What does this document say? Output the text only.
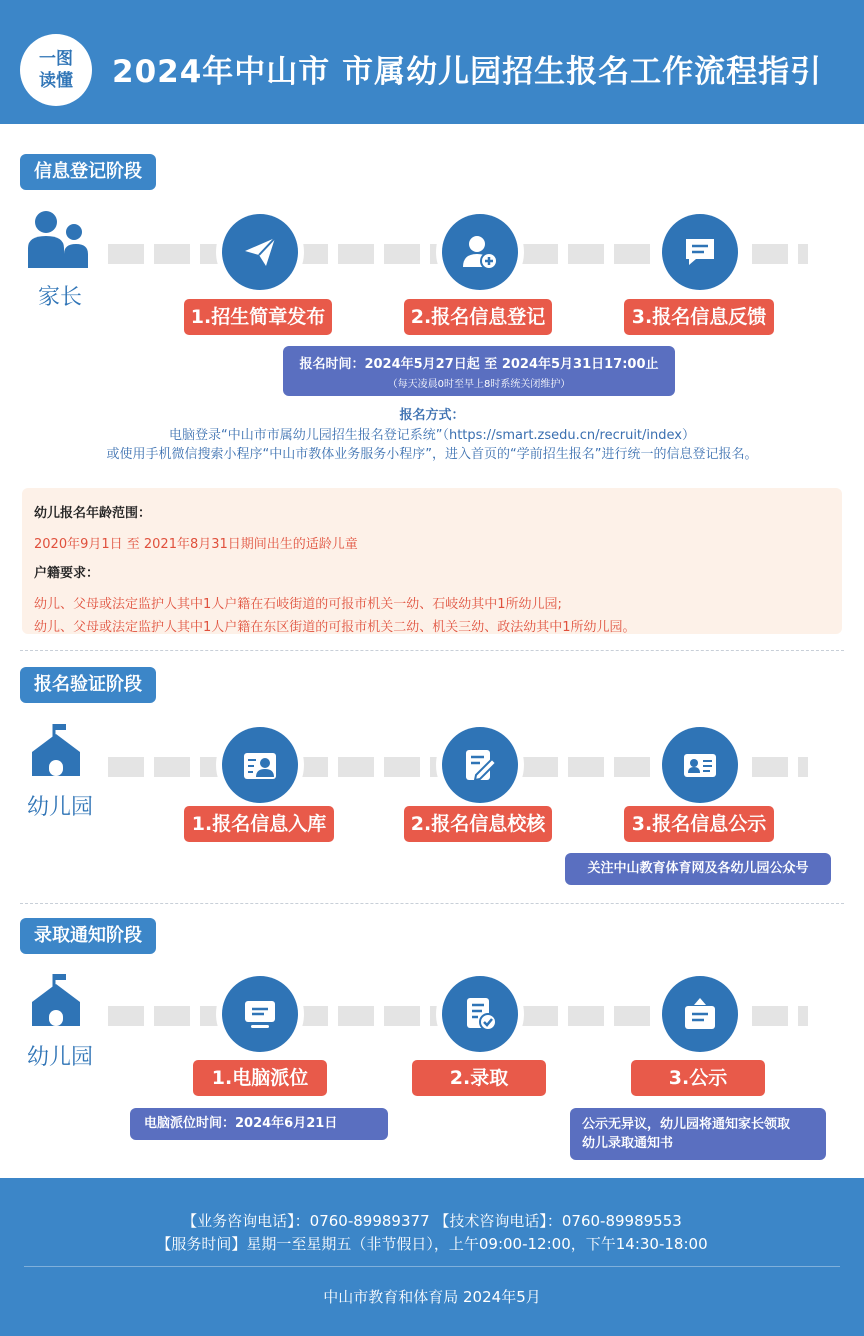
一图
读懂	2024年中山市 市属幼儿园招生报名工作流程指引
信息登记阶段
家长
1.招生简章发布	2.报名信息登记	3.报名信息反馈
报名时间：2024年5月27日起 至 2024年5月31日17:00止
（每天凌晨0时至早上8时系统关闭维护）
报名方式：
电脑登录“中山市市属幼儿园招生报名登记系统”（https://smart.zsedu.cn/recruit/index）
或使用手机微信搜索小程序“中山市教体业务服务小程序”，进入首页的“学前招生报名”进行统一的信息登记报名。
幼儿报名年龄范围：
2020年9月1日 至 2021年8月31日期间出生的适龄儿童
户籍要求：
幼儿、父母或法定监护人其中1人户籍在石岐街道的可报市机关一幼、石岐幼其中1所幼儿园;
幼儿、父母或法定监护人其中1人户籍在东区街道的可报市机关二幼、机关三幼、政法幼其中1所幼儿园。
报名验证阶段
幼儿园
1.报名信息入库	2.报名信息校核	3.报名信息公示
关注中山教育体育网及各幼儿园公众号
录取通知阶段
幼儿园
1.电脑派位	2.录取	3.公示
电脑派位时间：2024年6月21日	公示无异议，幼儿园将通知家长领取
幼儿录取通知书
【业务咨询电话】：0760-89989377 【技术咨询电话】：0760-89989553
【服务时间】星期一至星期五（非节假日），上午09:00-12:00，下午14:30-18:00
中山市教育和体育局 2024年5月
